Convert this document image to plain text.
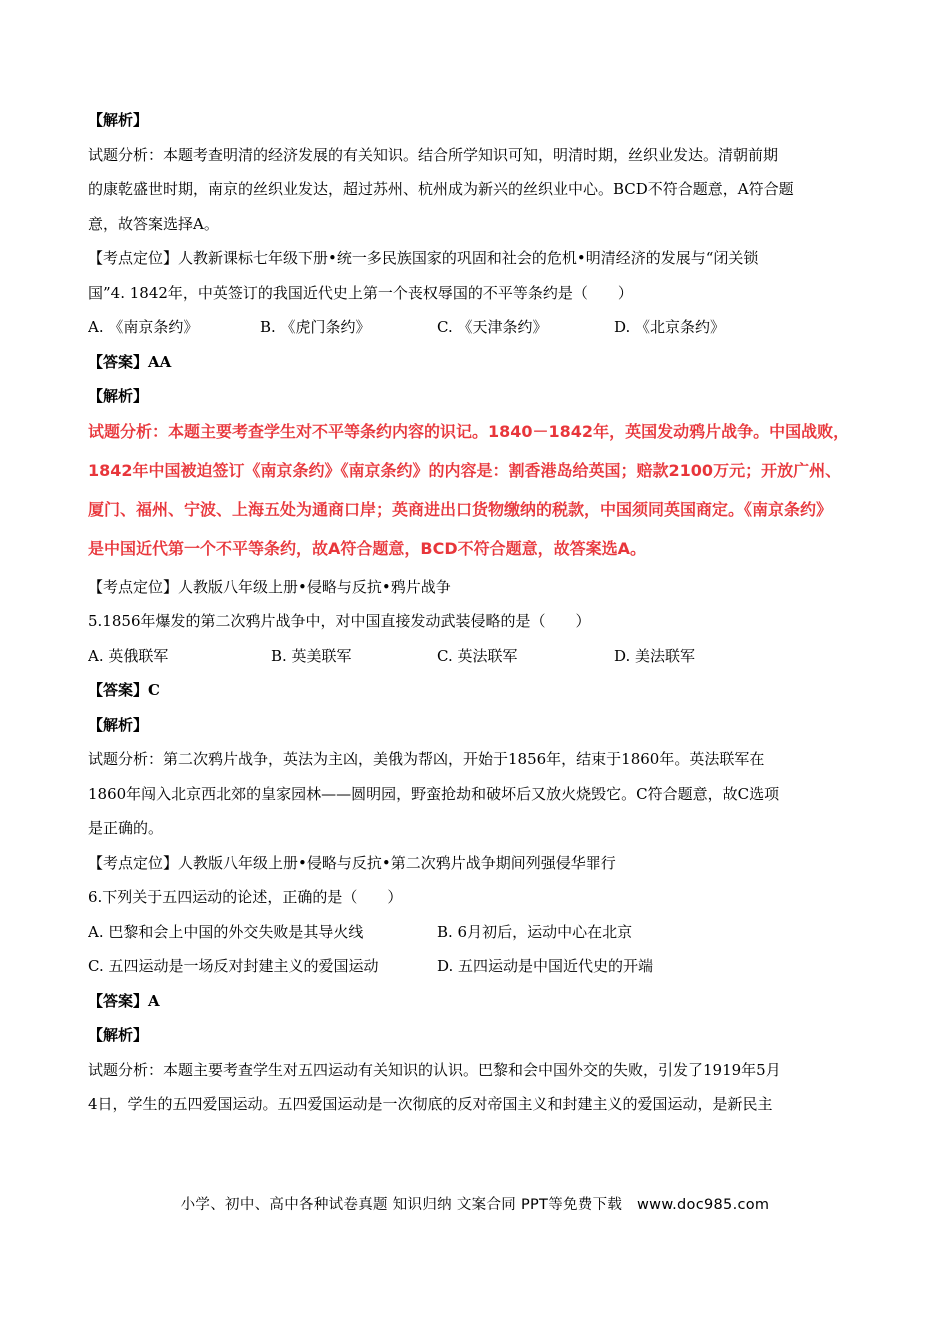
【解析】
试题分析：本题考查明清的经济发展的有关知识。结合所学知识可知，明清时期，丝织业发达。清朝前期
的康乾盛世时期，南京的丝织业发达，超过苏州、杭州成为新兴的丝织业中心。BCD不符合题意，A符合题
意，故答案选择A。
【考点定位】人教新课标七年级下册•统一多民族国家的巩固和社会的危机•明清经济的发展与“闭关锁
国”4. 1842年，中英签订的我国近代史上第一个丧权辱国的不平等条约是（　　）
A. 《南京条约》	B. 《虎门条约》	C. 《天津条约》	D. 《北京条约》
【答案】AA
【解析】
试题分析：本题主要考查学生对不平等条约内容的识记。1840－1842年，英国发动鸦片战争。中国战败，
1842年中国被迫签订《南京条约》《南京条约》的内容是：割香港岛给英国；赔款2100万元；开放广州、
厦门、福州、宁波、上海五处为通商口岸；英商进出口货物缴纳的税款，中国须同英国商定。《南京条约》
是中国近代第一个不平等条约，故A符合题意，BCD不符合题意，故答案选A。
【考点定位】人教版八年级上册•侵略与反抗•鸦片战争
5.1856年爆发的第二次鸦片战争中，对中国直接发动武装侵略的是（　　）
A. 英俄联军	B. 英美联军	C. 英法联军	D. 美法联军
【答案】C
【解析】
试题分析：第二次鸦片战争，英法为主凶，美俄为帮凶，开始于1856年，结束于1860年。英法联军在
1860年闯入北京西北郊的皇家园林——圆明园，野蛮抢劫和破坏后又放火烧毁它。C符合题意，故C选项
是正确的。
【考点定位】人教版八年级上册•侵略与反抗•第二次鸦片战争期间列强侵华罪行
6.下列关于五四运动的论述，正确的是（　　）
A. 巴黎和会上中国的外交失败是其导火线	B. 6月初后，运动中心在北京
C. 五四运动是一场反对封建主义的爱国运动	D. 五四运动是中国近代史的开端
【答案】A
【解析】
试题分析：本题主要考查学生对五四运动有关知识的认识。巴黎和会中国外交的失败，引发了1919年5月
4日，学生的五四爱国运动。五四爱国运动是一次彻底的反对帝国主义和封建主义的爱国运动，是新民主
小学、初中、高中各种试卷真题 知识归纳 文案合同 PPT等免费下载　www.doc985.com
